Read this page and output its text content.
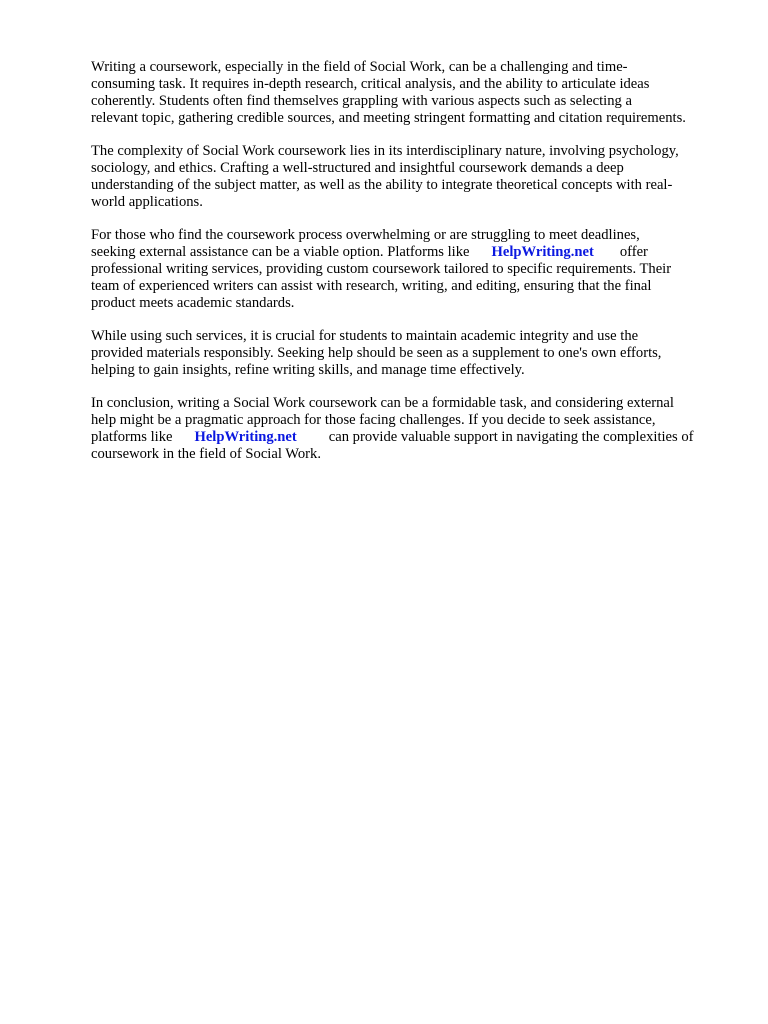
Writing a coursework, especially in the field of Social Work, can be a challenging and time-
consuming task. It requires in-depth research, critical analysis, and the ability to articulate ideas
coherently. Students often find themselves grappling with various aspects such as selecting a
relevant topic, gathering credible sources, and meeting stringent formatting and citation requirements.

The complexity of Social Work coursework lies in its interdisciplinary nature, involving psychology,
sociology, and ethics. Crafting a well-structured and insightful coursework demands a deep
understanding of the subject matter, as well as the ability to integrate theoretical concepts with real-
world applications.

For those who find the coursework process overwhelming or are struggling to meet deadlines,
seeking external assistance can be a viable option. Platforms like HelpWriting.net offer
professional writing services, providing custom coursework tailored to specific requirements. Their
team of experienced writers can assist with research, writing, and editing, ensuring that the final
product meets academic standards.

While using such services, it is crucial for students to maintain academic integrity and use the
provided materials responsibly. Seeking help should be seen as a supplement to one's own efforts,
helping to gain insights, refine writing skills, and manage time effectively.

In conclusion, writing a Social Work coursework can be a formidable task, and considering external
help might be a pragmatic approach for those facing challenges. If you decide to seek assistance,
platforms like HelpWriting.net can provide valuable support in navigating the complexities of
coursework in the field of Social Work.
